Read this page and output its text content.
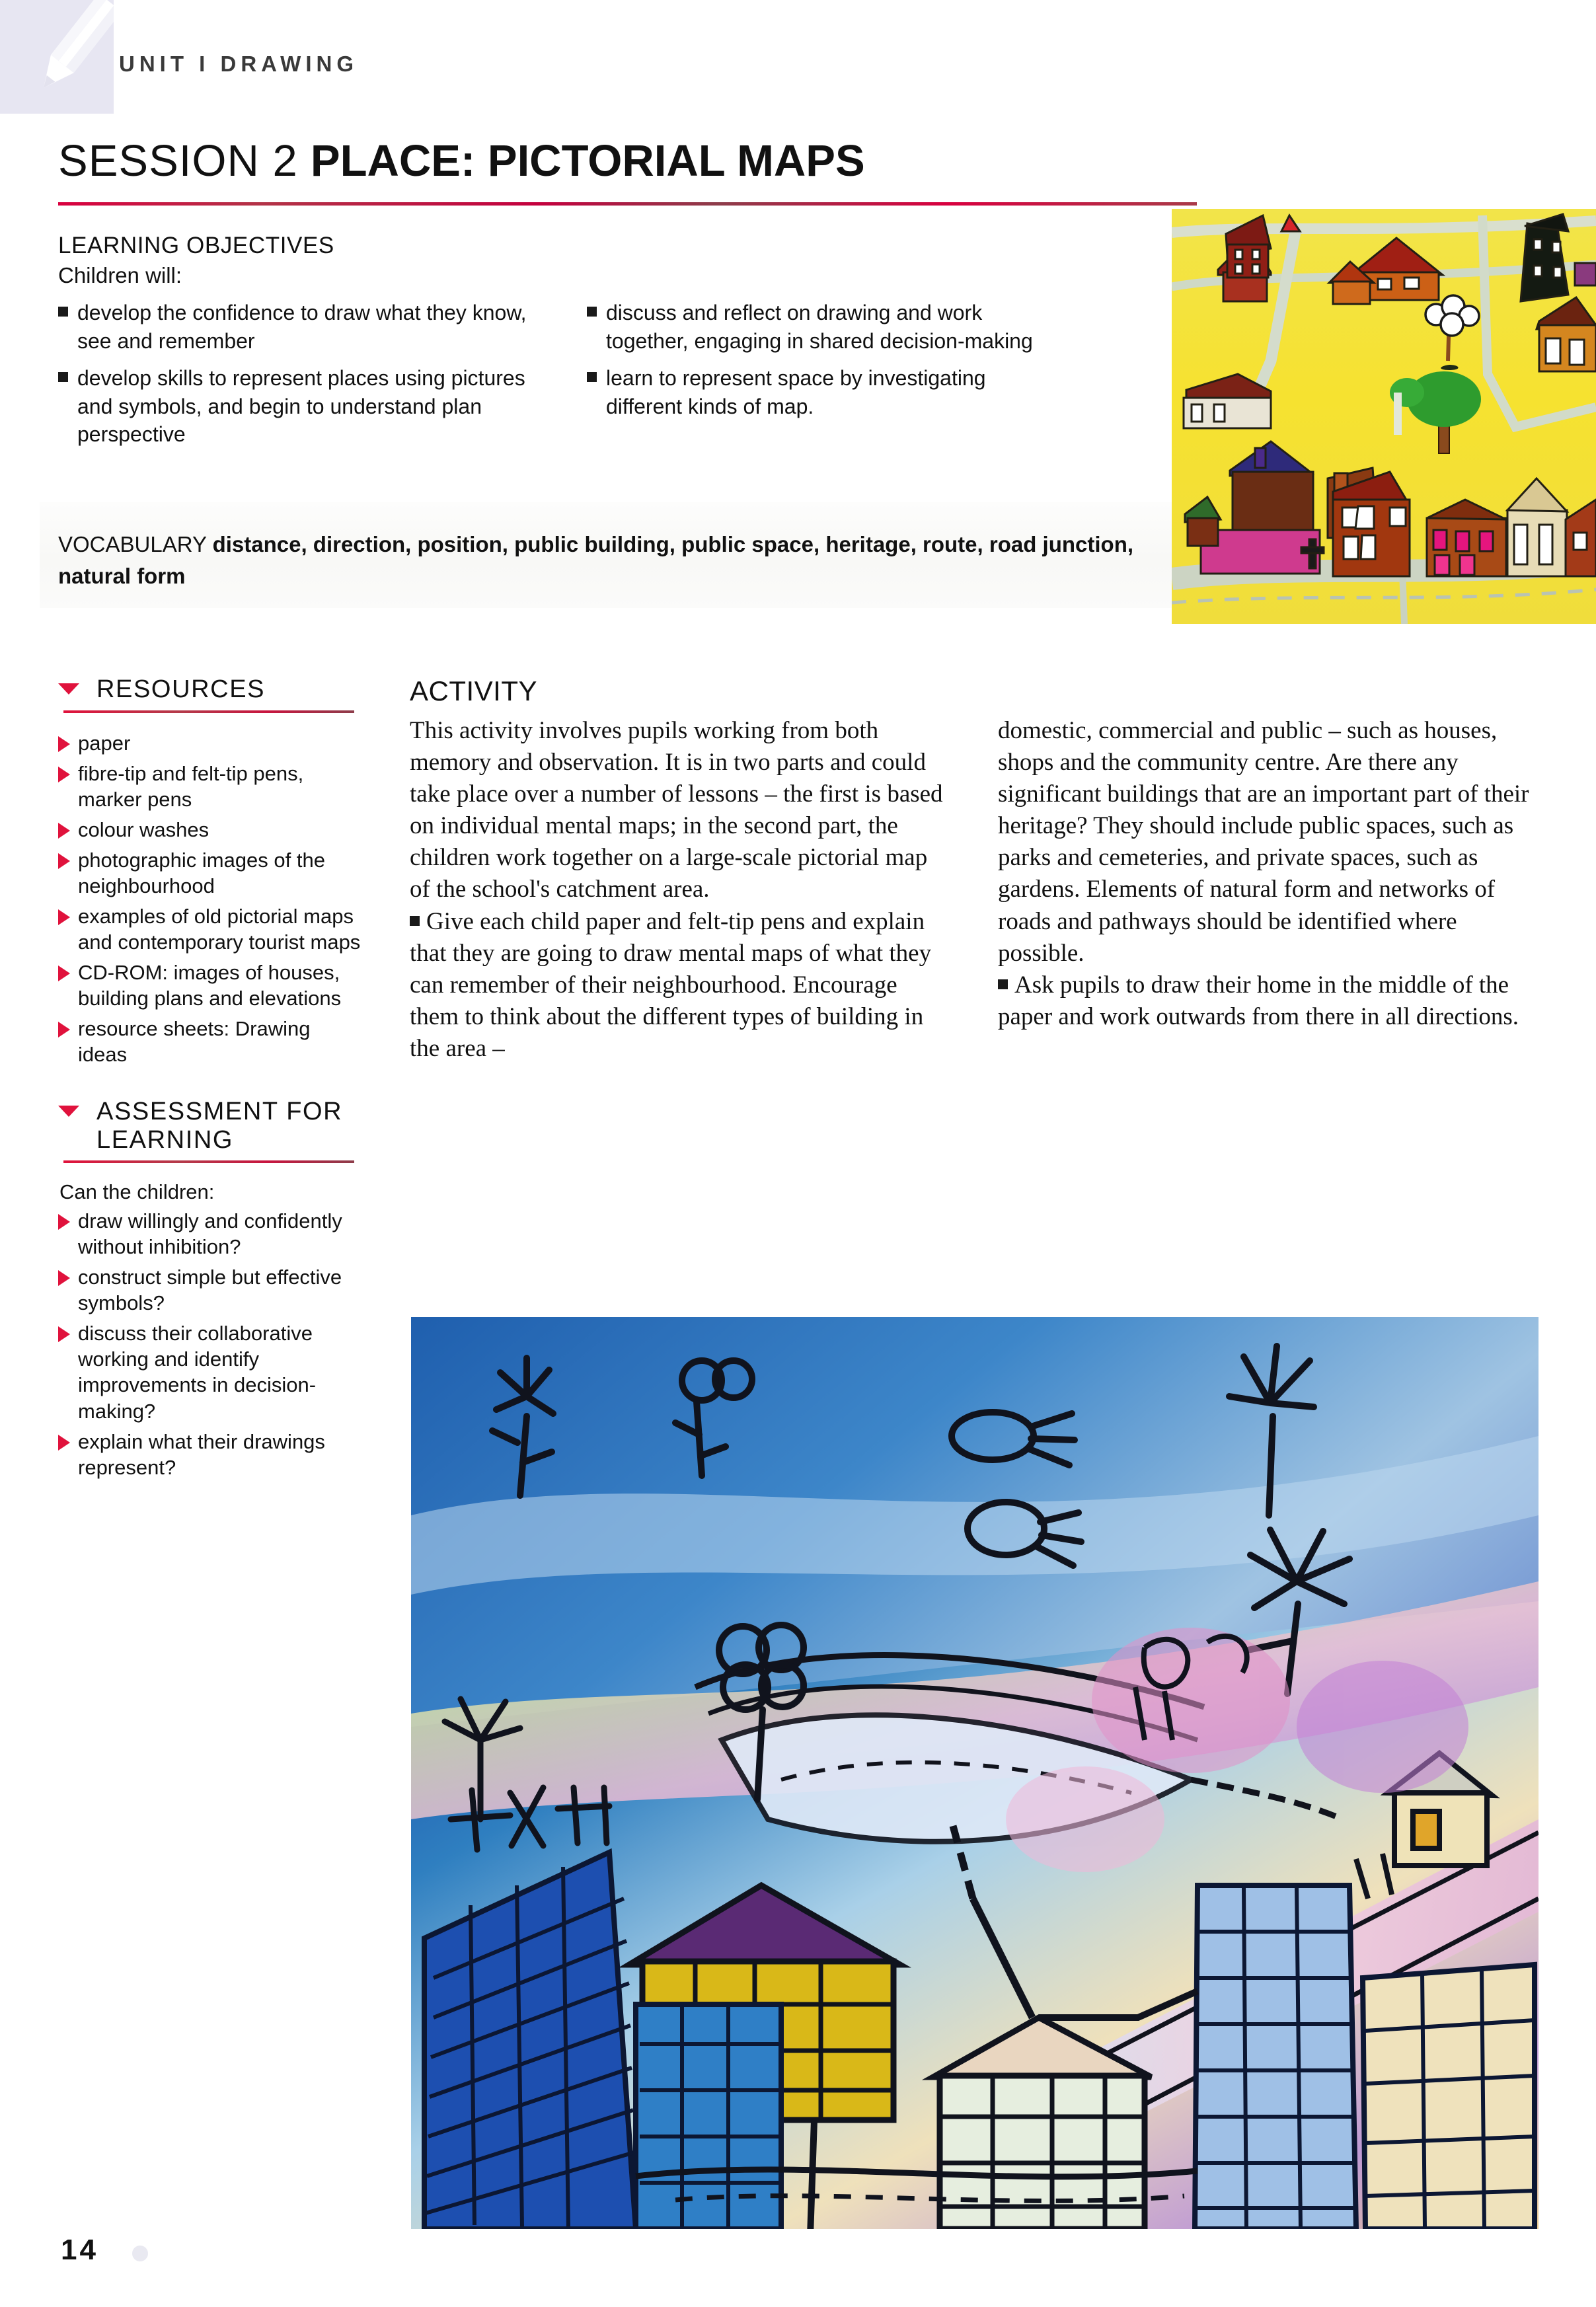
UNIT I DRAWING
SESSION 2 PLACE: PICTORIAL MAPS
LEARNING OBJECTIVES
Children will:
develop the confidence to draw what they know, see and remember
develop skills to represent places using pictures and symbols, and begin to understand plan perspective
discuss and reflect on drawing and work together, engaging in shared decision-making
learn to represent space by investigating different kinds of map.
VOCABULARY distance, direction, position, public building, public space, heritage, route, road junction, natural form
RESOURCES
paper
fibre-tip and felt-tip pens, marker pens
colour washes
photographic images of the neighbourhood
examples of old pictorial maps and contemporary tourist maps
CD-ROM: images of houses, building plans and elevations
resource sheets: Drawing ideas
ASSESSMENT FOR LEARNING

Can the children:

draw willingly and confidently without inhibition?
construct simple but effective symbols?
discuss their collaborative working and identify improvements in decision-making?
explain what their drawings represent?
ACTIVITY

This activity involves pupils working from both memory and observation. It is in two parts and could take place over a number of lessons – the first is based on individual mental maps; in the second part, the children work together on a large-scale pictorial map of the school's catchment area.

Give each child paper and felt-tip pens and explain that they are going to draw mental maps of what they can remember of their neighbourhood. Encourage them to think about the different types of building in the area –

domestic, commercial and public – such as houses, shops and the community centre. Are there any significant buildings that are an important part of their heritage? They should include public spaces, such as parks and cemeteries, and private spaces, such as gardens. Elements of natural form and networks of roads and pathways should be identified where possible.

Ask pupils to draw their home in the middle of the paper and work outwards from there in all directions.

14
